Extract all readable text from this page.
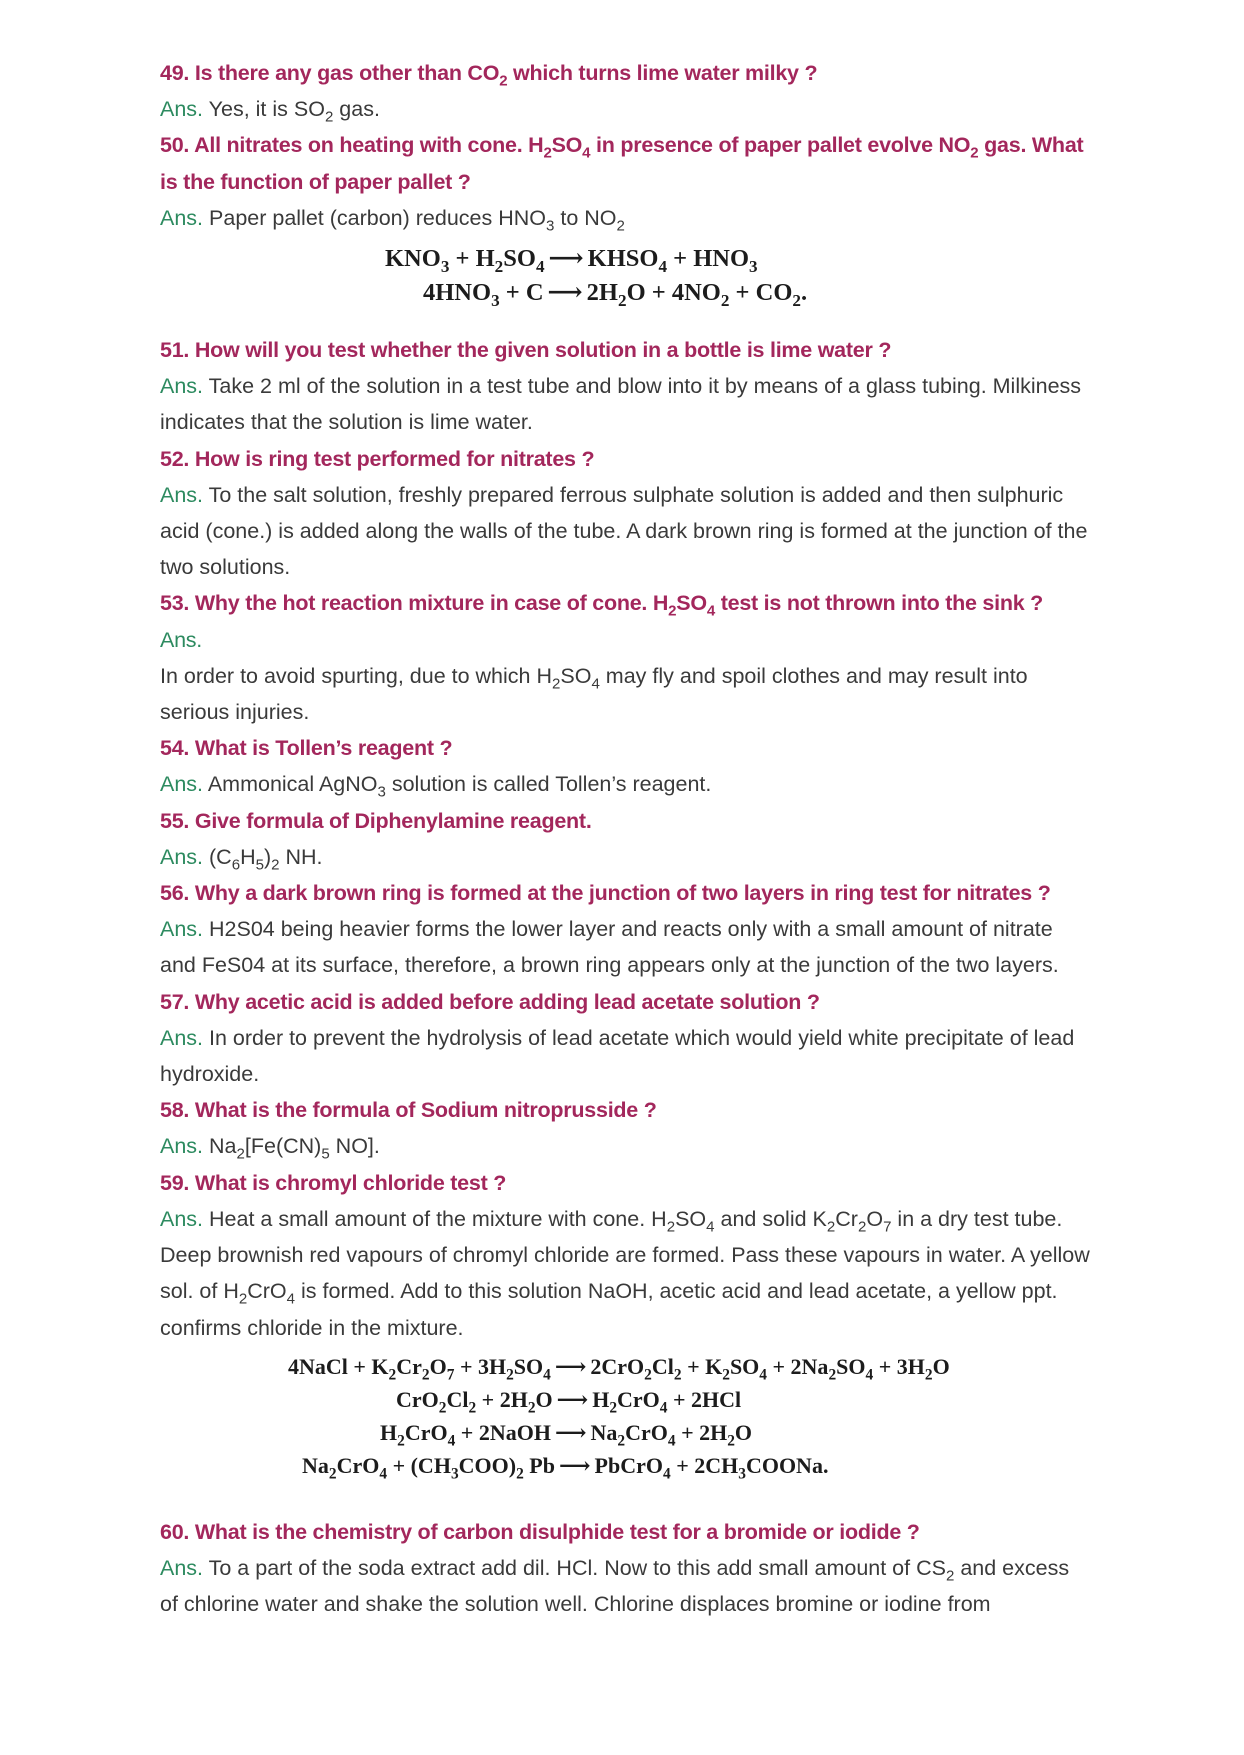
49. Is there any gas other than $CO_2$ which turns lime water milky ?

Ans. Yes, it is $SO_2$ gas.

50. All nitrates on heating with cone. $H_2SO_4$ in presence of paper pallet evolve $NO_2$ gas. What is the function of paper pallet ?

Ans. Paper pallet (carbon) reduces $HNO_3$ to $NO_2$

$KNO_3 + H_2SO_4$ ⟶ $KHSO_4 + HNO_3$
$4HNO_3 + C$ ⟶ $2H_2O + 4NO_2 + CO_2$.

51. How will you test whether the given solution in a bottle is lime water ?

Ans. Take 2 ml of the solution in a test tube and blow into it by means of a glass tubing. Milkiness indicates that the solution is lime water.

52. How is ring test performed for nitrates ?

Ans. To the salt solution, freshly prepared ferrous sulphate solution is added and then sulphuric acid (cone.) is added along the walls of the tube. A dark brown ring is formed at the junction of the two solutions.

53. Why the hot reaction mixture in case of cone. $H_2SO_4$ test is not thrown into the sink ? Ans.

In order to avoid spurting, due to which $H_2SO_4$ may fly and spoil clothes and may result into serious injuries.

54. What is Tollen’s reagent ?

Ans. Ammonical AgNO$_3$ solution is called Tollen’s reagent.

55. Give formula of Diphenylamine reagent.

Ans. $(C_6H_5)_2$ NH.

56. Why a dark brown ring is formed at the junction of two layers in ring test for nitrates ?

Ans. H2S04 being heavier forms the lower layer and reacts only with a small amount of nitrate and FeS04 at its surface, therefore, a brown ring appears only at the junction of the two layers.

57. Why acetic acid is added before adding lead acetate solution ?

Ans. In order to prevent the hydrolysis of lead acetate which would yield white precipitate of lead hydroxide.

58. What is the formula of Sodium nitroprusside ?

Ans. $Na_2[Fe(CN)_5$ NO].

59. What is chromyl chloride test ?

Ans. Heat a small amount of the mixture with cone. $H_2SO_4$ and solid $K_2Cr_2O_7$ in a dry test tube. Deep brownish red vapours of chromyl chloride are formed. Pass these vapours in water. A yellow sol. of $H_2CrO_4$ is formed. Add to this solution NaOH, acetic acid and lead acetate, a yellow ppt. confirms chloride in the mixture.

4NaCl + $K_2Cr_2O_7 + 3H_2SO_4$ ⟶ $2CrO_2Cl_2 + K_2SO_4 + 2Na_2SO_4 + 3H_2O$
$CrO_2Cl_2 + 2H_2O$ ⟶ $H_2CrO_4 + 2HCl$
$H_2CrO_4$ + 2NaOH ⟶ $Na_2CrO_4 + 2H_2O$
$Na_2CrO_4 + (CH_3COO)_2$ Pb ⟶ PbCrO$_4$ + $2CH_3COONa$.

60. What is the chemistry of carbon disulphide test for a bromide or iodide ?

Ans. To a part of the soda extract add dil. HCl. Now to this add small amount of $CS_2$ and excess of chlorine water and shake the solution well. Chlorine displaces bromine or iodine from
